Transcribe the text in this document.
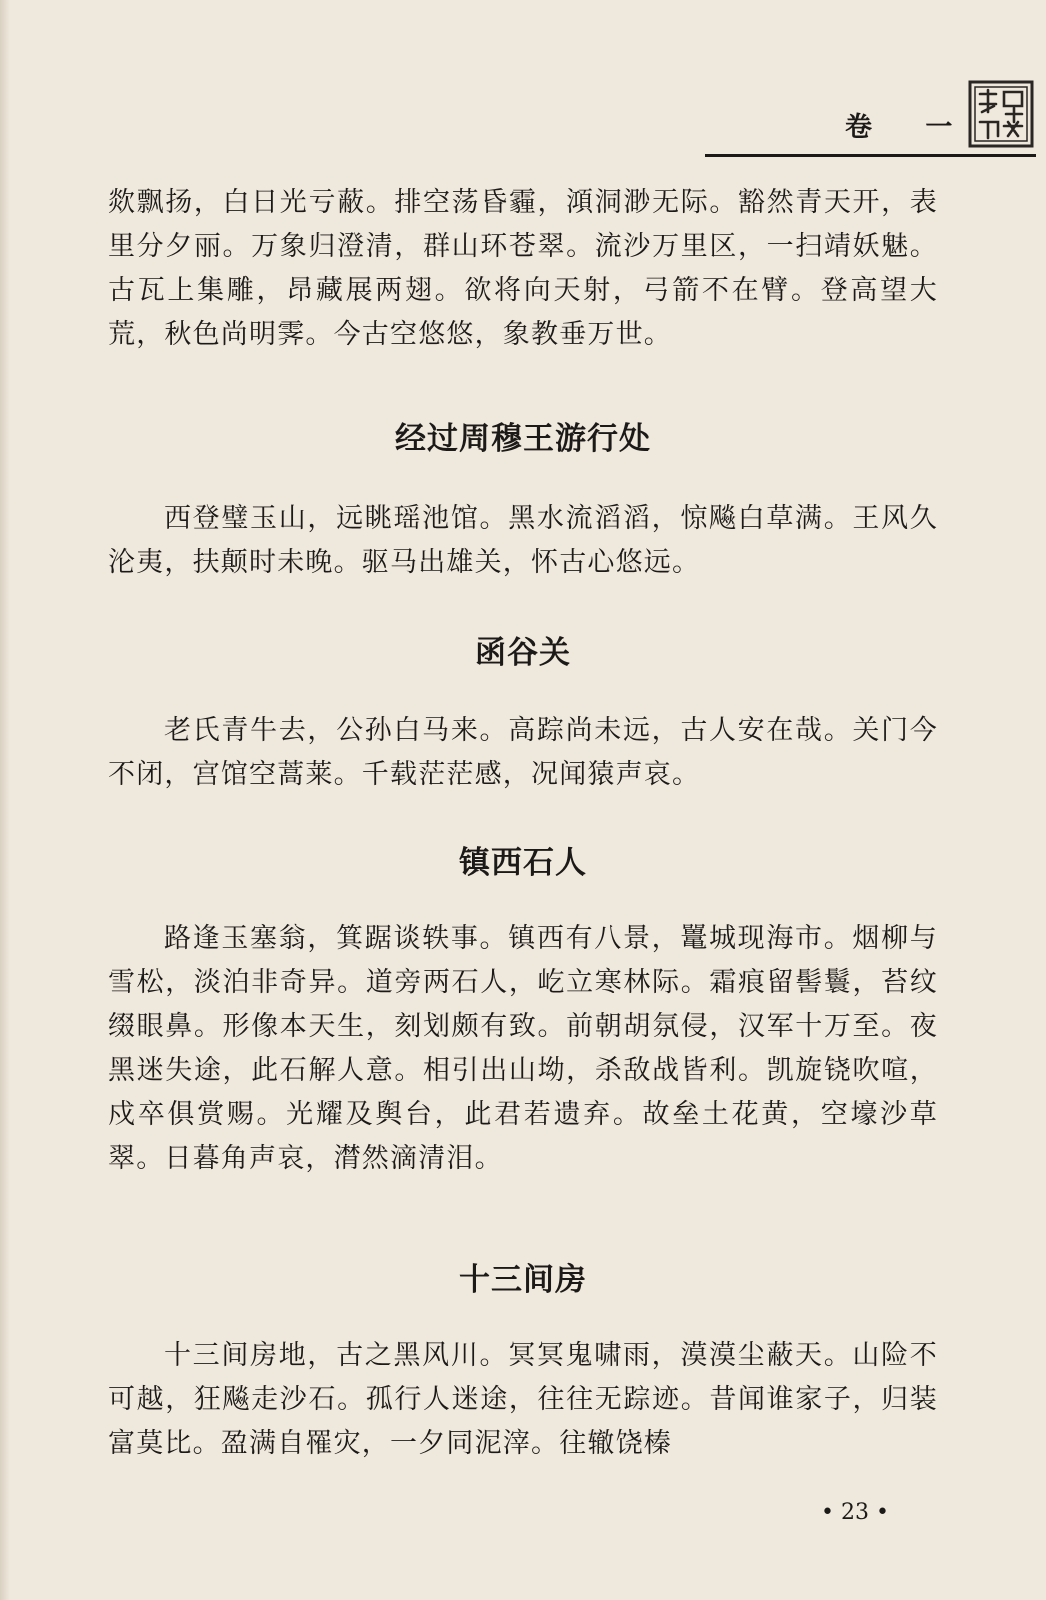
卷 一

欻飘扬，白日光亏蔽。排空荡昏霾，澒洞渺无际。豁然青天开，表里分夕丽。万象归澄清，群山环苍翠。流沙万里区，一扫靖妖魅。古瓦上集雕，昂藏展两翅。欲将向天射，弓箭不在臂。登高望大荒，秋色尚明霁。今古空悠悠，象教垂万世。

经过周穆王游行处

西登璧玉山，远眺瑶池馆。黑水流滔滔，惊飚白草满。王风久沦夷，扶颠时未晚。驱马出雄关，怀古心悠远。

函谷关

老氏青牛去，公孙白马来。高踪尚未远，古人安在哉。关门今不闭，宫馆空蒿莱。千载茫茫感，况闻猿声哀。

镇西石人

路逢玉塞翁，箕踞谈轶事。镇西有八景，鼍城现海市。烟柳与雪松，淡泊非奇异。道旁两石人，屹立寒林际。霜痕留髻鬟，苔纹缀眼鼻。形像本天生，刻划颇有致。前朝胡氛侵，汉军十万至。夜黑迷失途，此石解人意。相引出山坳，杀敌战皆利。凯旋铙吹喧，戍卒俱赏赐。光耀及舆台，此君若遗弃。故垒土花黄，空壕沙草翠。日暮角声哀，潸然滴清泪。

十三间房

十三间房地，古之黑风川。冥冥鬼啸雨，漠漠尘蔽天。山险不可越，狂飚走沙石。孤行人迷途，往往无踪迹。昔闻谁家子，归装富莫比。盈满自罹灾，一夕同泥滓。往辙饶榛

• 23 •
